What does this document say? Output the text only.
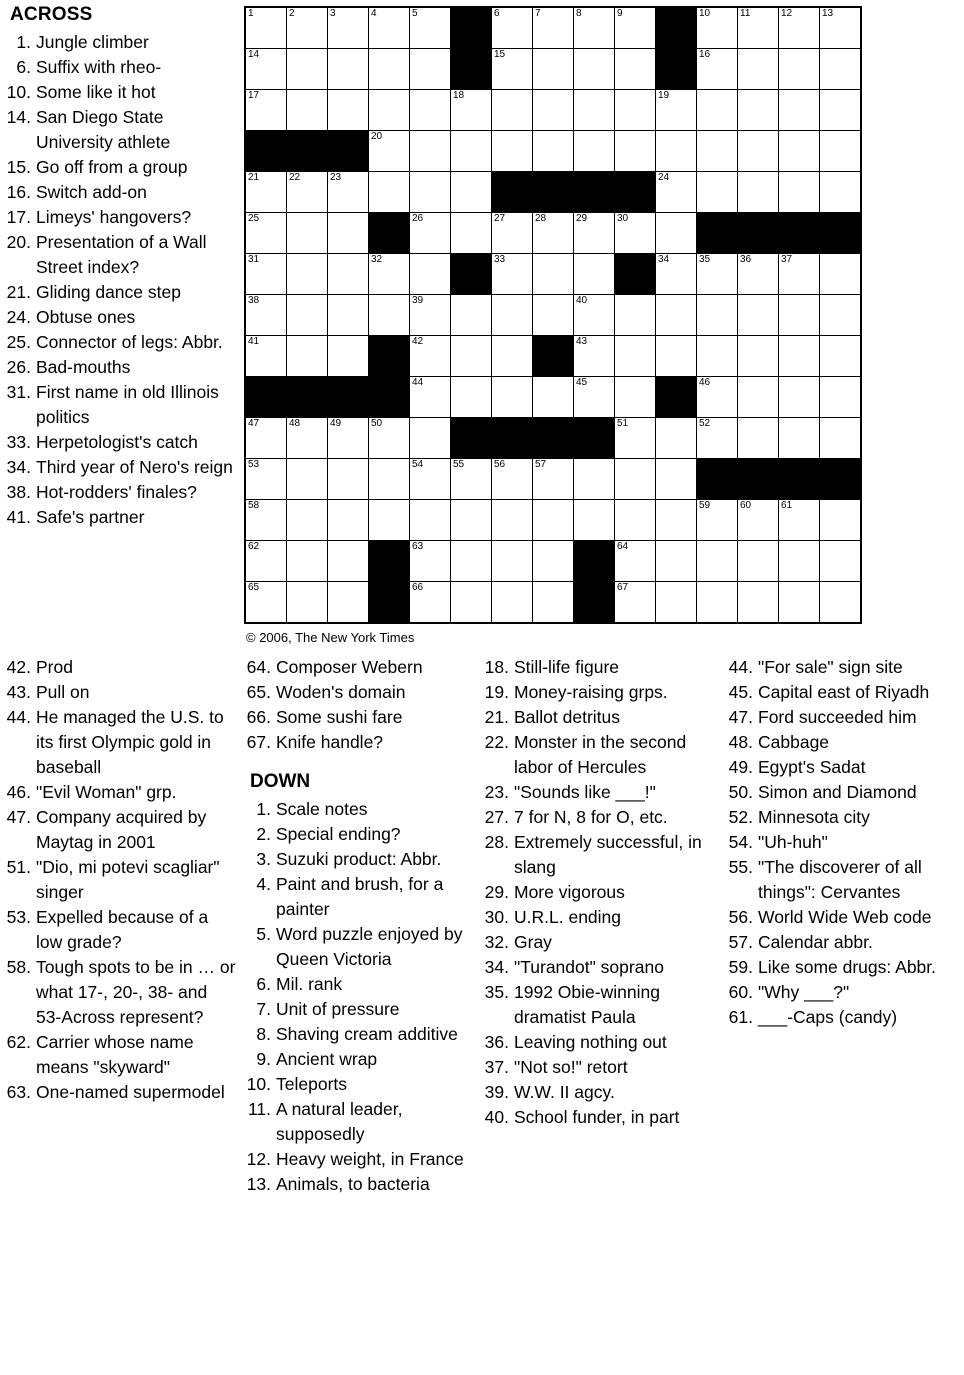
ACROSS
1. Jungle climber
6. Suffix with rheo-
10. Some like it hot
14. San Diego State University athlete
15. Go off from a group
16. Switch add-on
17. Limeys' hangovers?
20. Presentation of a Wall Street index?
21. Gliding dance step
24. Obtuse ones
25. Connector of legs: Abbr.
26. Bad-mouths
31. First name in old Illinois politics
33. Herpetologist's catch
34. Third year of Nero's reign
38. Hot-rodders' finales?
41. Safe's partner
1	2	3	4	5		6	7	8	9		10	11	12	13

14						15					16			

17					18					19				

			20											

21	22	23								24				

25				26		27	28	29	30					

31			32			33				34	35	36	37	

38				39				40						

41				42				43						

				44				45			46			

47	48	49	50						51		52			

53				54	55	56	57							

58											59	60	61	

62				63					64					

65				66					67					

© 2006, The New York Times
42. Prod
43. Pull on
44. He managed the U.S. to its first Olympic gold in baseball
46. "Evil Woman" grp.
47. Company acquired by Maytag in 2001
51. "Dio, mi potevi scagliar" singer
53. Expelled because of a low grade?
58. Tough spots to be in … or what 17-, 20-, 38- and 53-Across represent?
62. Carrier whose name means "skyward"
63. One-named supermodel
64. Composer Webern
65. Woden's domain
66. Some sushi fare
67. Knife handle?
DOWN
1. Scale notes
2. Special ending?
3. Suzuki product: Abbr.
4. Paint and brush, for a painter
5. Word puzzle enjoyed by Queen Victoria
6. Mil. rank
7. Unit of pressure
8. Shaving cream additive
9. Ancient wrap
10. Teleports
11. A natural leader, supposedly
12. Heavy weight, in France
13. Animals, to bacteria
18. Still-life figure
19. Money-raising grps.
21. Ballot detritus
22. Monster in the second labor of Hercules
23. "Sounds like ___!"
27. 7 for N, 8 for O, etc.
28. Extremely successful, in slang
29. More vigorous
30. U.R.L. ending
32. Gray
34. "Turandot" soprano
35. 1992 Obie-winning dramatist Paula
36. Leaving nothing out
37. "Not so!" retort
39. W.W. II agcy.
40. School funder, in part
44. "For sale" sign site
45. Capital east of Riyadh
47. Ford succeeded him
48. Cabbage
49. Egypt's Sadat
50. Simon and Diamond
52. Minnesota city
54. "Uh-huh"
55. "The discoverer of all things": Cervantes
56. World Wide Web code
57. Calendar abbr.
59. Like some drugs: Abbr.
60. "Why ___?"
61. ___-Caps (candy)
